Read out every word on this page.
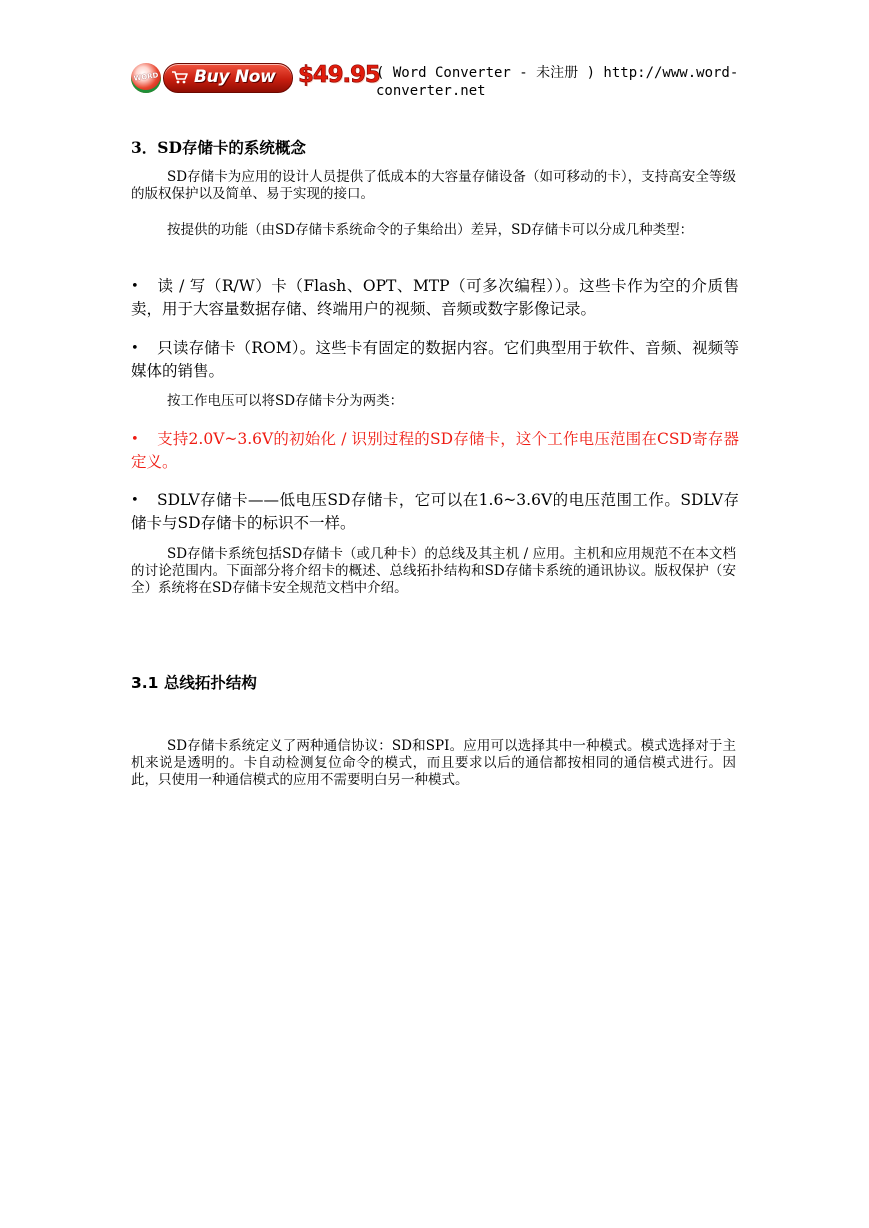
WORD Buy Now $49.95
( Word Converter - 未注册 ) http://www.word-converter.net
3．SD存储卡的系统概念

SD存储卡为应用的设计人员提供了低成本的大容量存储设备（如可移动的卡），支持高安全等级的版权保护以及简单、易于实现的接口。

按提供的功能（由SD存储卡系统命令的子集给出）差异，SD存储卡可以分成几种类型：

• 读 / 写（R/W）卡（Flash、OPT、MTP（可多次编程））。这些卡作为空的介质售卖，用于大容量数据存储、终端用户的视频、音频或数字影像记录。

• 只读存储卡（ROM）。这些卡有固定的数据内容。它们典型用于软件、音频、视频等媒体的销售。

按工作电压可以将SD存储卡分为两类：

• 支持2.0V~3.6V的初始化 / 识别过程的SD存储卡，这个工作电压范围在CSD寄存器定义。

• SDLV存储卡——低电压SD存储卡，它可以在1.6~3.6V的电压范围工作。SDLV存储卡与SD存储卡的标识不一样。

SD存储卡系统包括SD存储卡（或几种卡）的总线及其主机 / 应用。主机和应用规范不在本文档的讨论范围内。下面部分将介绍卡的概述、总线拓扑结构和SD存储卡系统的通讯协议。版权保护（安全）系统将在SD存储卡安全规范文档中介绍。

3.1 总线拓扑结构

SD存储卡系统定义了两种通信协议：SD和SPI。应用可以选择其中一种模式。模式选择对于主机来说是透明的。卡自动检测复位命令的模式，而且要求以后的通信都按相同的通信模式进行。因此，只使用一种通信模式的应用不需要明白另一种模式。
